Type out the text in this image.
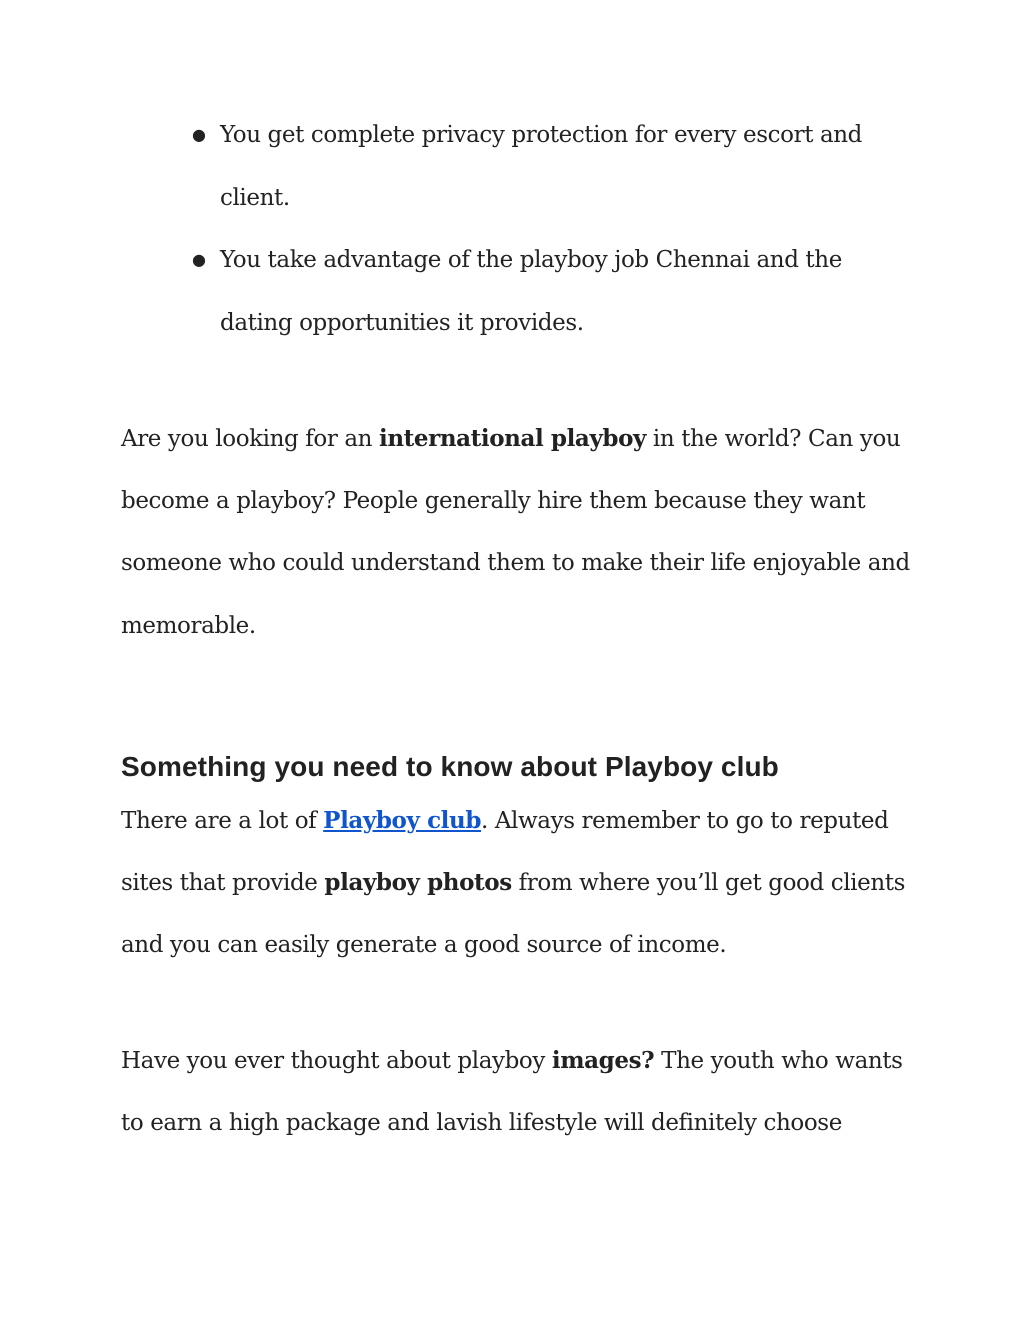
● You get complete privacy protection for every escort and client.
● You take advantage of the playboy job Chennai and the dating opportunities it provides.

Are you looking for an international playboy in the world? Can you become a playboy? People generally hire them because they want someone who could understand them to make their life enjoyable and memorable.

Something you need to know about Playboy club

There are a lot of Playboy club. Always remember to go to reputed sites that provide playboy photos from where you’ll get good clients and you can easily generate a good source of income.

Have you ever thought about playboy images? The youth who wants to earn a high package and lavish lifestyle will definitely choose
